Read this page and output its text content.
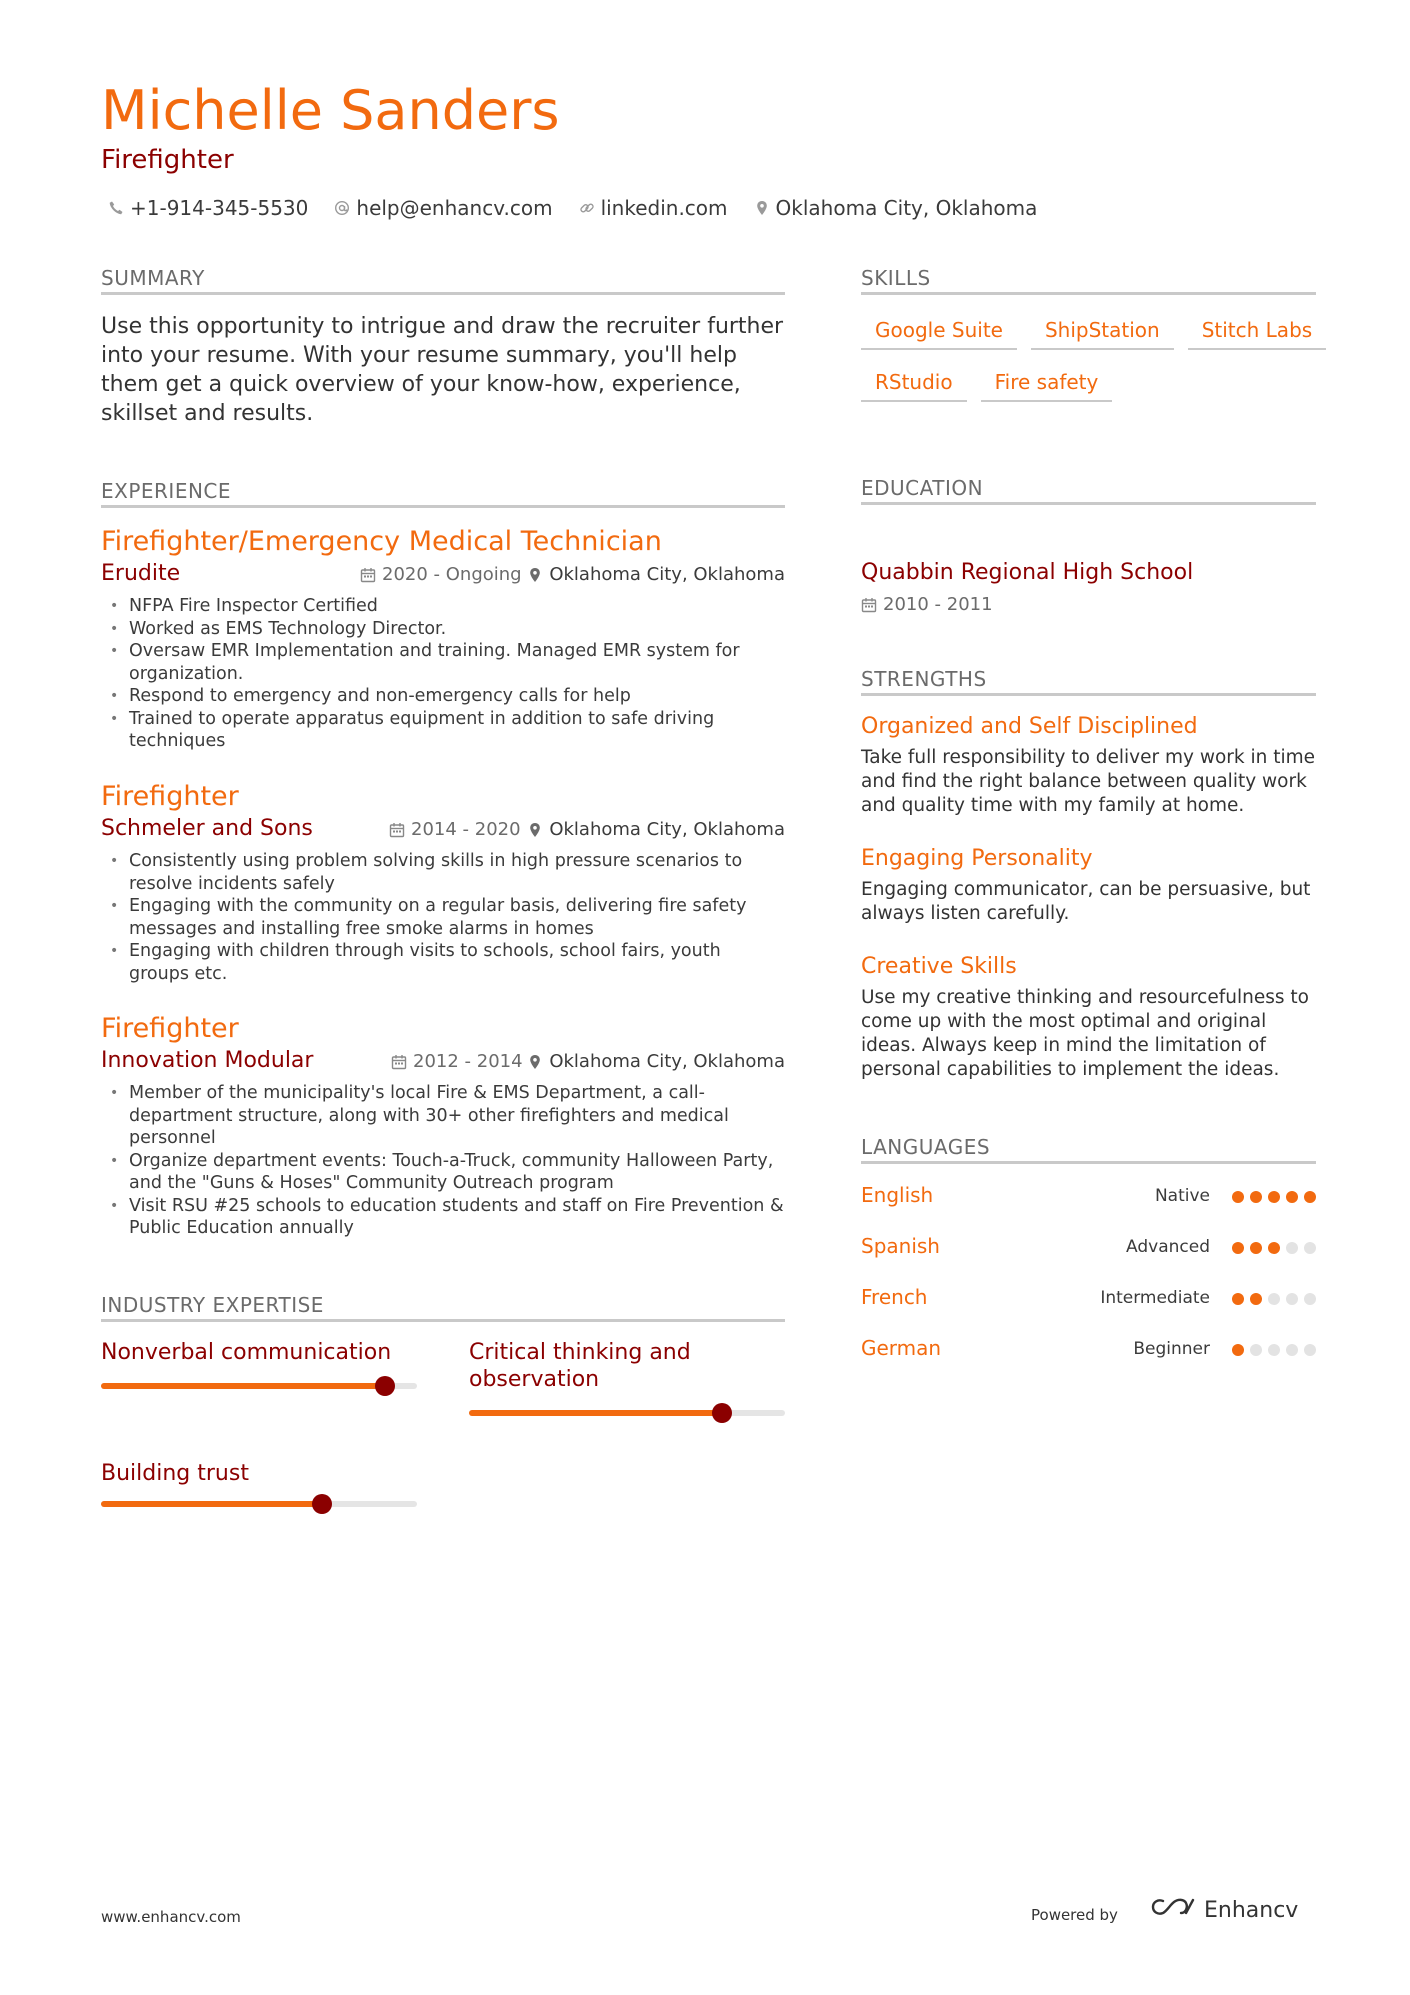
Michelle Sanders
Firefighter
+1-914-345-5530 help@enhancv.com linkedin.com Oklahoma City, Oklahoma
SUMMARY
Use this opportunity to intrigue and draw the recruiter further into your resume. With your resume summary, you'll help them get a quick overview of your know-how, experience, skillset and results.
EXPERIENCE
Firefighter/Emergency Medical Technician
Erudite	2020 - Ongoing Oklahoma City, Oklahoma
• NFPA Fire Inspector Certified
• Worked as EMS Technology Director.
• Oversaw EMR Implementation and training. Managed EMR system for organization.
• Respond to emergency and non-emergency calls for help
• Trained to operate apparatus equipment in addition to safe driving techniques
Firefighter
Schmeler and Sons	2014 - 2020 Oklahoma City, Oklahoma
• Consistently using problem solving skills in high pressure scenarios to resolve incidents safely
• Engaging with the community on a regular basis, delivering fire safety messages and installing free smoke alarms in homes
• Engaging with children through visits to schools, school fairs, youth groups etc.
Firefighter
Innovation Modular	2012 - 2014 Oklahoma City, Oklahoma
• Member of the municipality's local Fire & EMS Department, a call-department structure, along with 30+ other firefighters and medical personnel
• Organize department events: Touch-a-Truck, community Halloween Party, and the "Guns & Hoses" Community Outreach program
• Visit RSU #25 schools to education students and staff on Fire Prevention & Public Education annually
INDUSTRY EXPERTISE
Nonverbal communication	Critical thinking and observation
Building trust
SKILLS
Google Suite	ShipStation	Stitch Labs
RStudio	Fire safety
EDUCATION
Quabbin Regional High School
2010 - 2011
STRENGTHS
Organized and Self Disciplined
Take full responsibility to deliver my work in time and find the right balance between quality work and quality time with my family at home.
Engaging Personality
Engaging communicator, can be persuasive, but always listen carefully.
Creative Skills
Use my creative thinking and resourcefulness to come up with the most optimal and original ideas. Always keep in mind the limitation of personal capabilities to implement the ideas.
LANGUAGES
English	Native
Spanish	Advanced
French	Intermediate
German	Beginner
www.enhancv.com	Powered by	Enhancv
